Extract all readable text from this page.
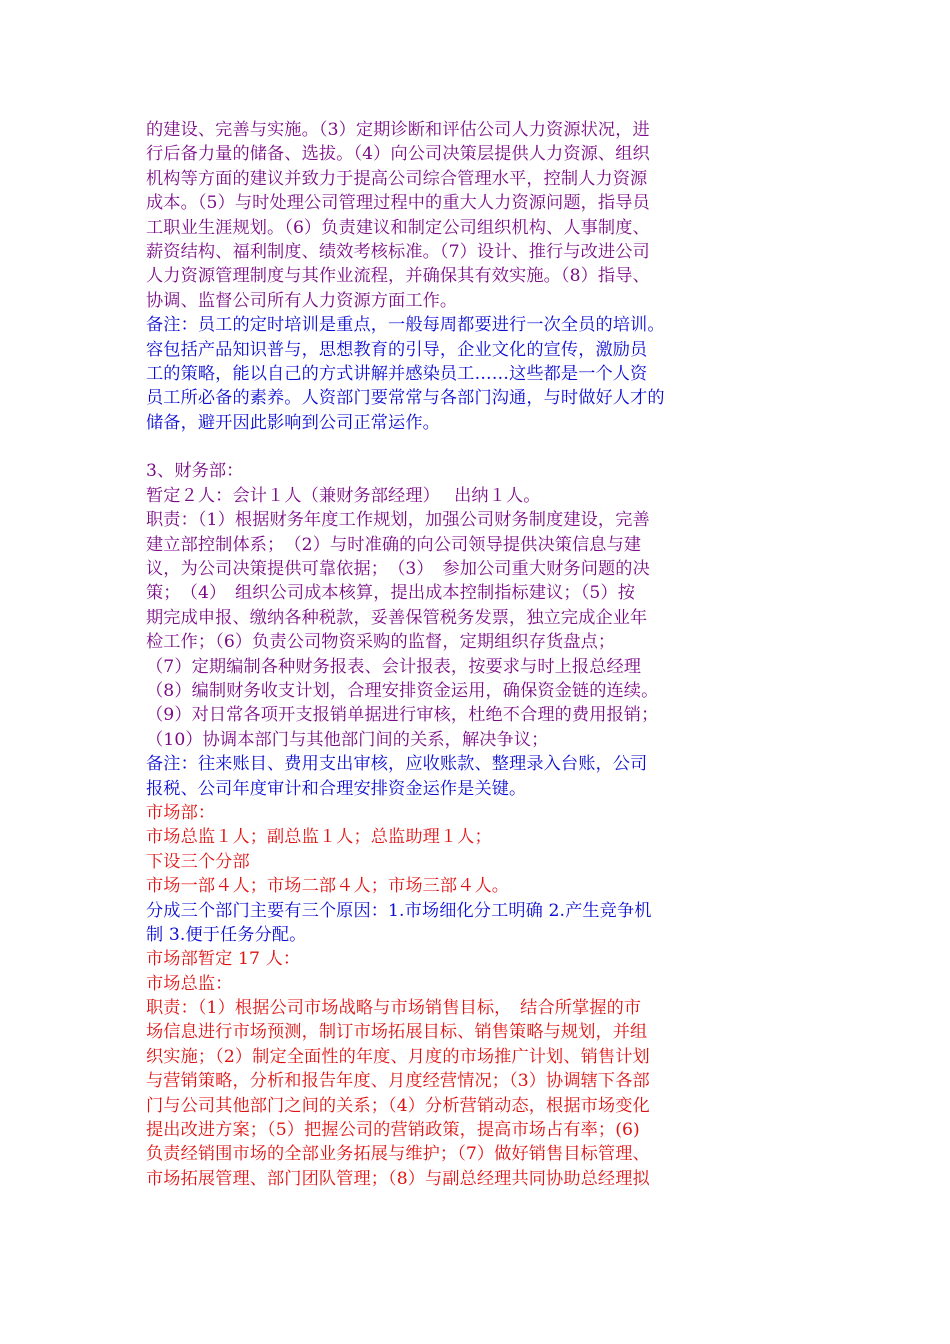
的建设、完善与实施。（3）定期诊断和评估公司人力资源状况，进
行后备力量的储备、选拔。（4）向公司决策层提供人力资源、组织
机构等方面的建议并致力于提高公司综合管理水平，控制人力资源
成本。（5）与时处理公司管理过程中的重大人力资源问题，指导员
工职业生涯规划。（6）负责建议和制定公司组织机构、人事制度、
薪资结构、福利制度、绩效考核标准。（7）设计、推行与改进公司
人力资源管理制度与其作业流程，并确保其有效实施。（8）指导、
协调、监督公司所有人力资源方面工作。
备注：员工的定时培训是重点，一般每周都要进行一次全员的培训。
容包括产品知识普与，思想教育的引导，企业文化的宣传，激励员
工的策略，能以自己的方式讲解并感染员工……这些都是一个人资
员工所必备的素养。人资部门要常常与各部门沟通，与时做好人才的
储备，避开因此影响到公司正常运作。
3、财务部：
暂定２人：会计１人（兼财务部经理）　 出纳１人。
职责：（1）根据财务年度工作规划，加强公司财务制度建设，完善
建立部控制体系；　（2）与时准确的向公司领导提供决策信息与建
议，为公司决策提供可靠依据；　（3）　参加公司重大财务问题的决
策；　（4）　组织公司成本核算，提出成本控制指标建议；（5）按
期完成申报、缴纳各种税款，妥善保管税务发票，独立完成企业年
检工作；（6）负责公司物资采购的监督，定期组织存货盘点；
（7）定期编制各种财务报表、会计报表，按要求与时上报总经理
（8）编制财务收支计划，合理安排资金运用，确保资金链的连续。
（9）对日常各项开支报销单据进行审核，杜绝不合理的费用报销；
（10）协调本部门与其他部门间的关系，解决争议；
备注：往来账目、费用支出审核，应收账款、整理录入台账，公司
报税、公司年度审计和合理安排资金运作是关键。
市场部：
市场总监１人；副总监１人；总监助理１人；
下设三个分部
市场一部４人；市场二部４人；市场三部４人。
分成三个部门主要有三个原因：1.市场细化分工明确 2.产生竞争机
制 3.便于任务分配。
市场部暂定 17 人：
市场总监：
职责：（1）根据公司市场战略与市场销售目标，　结合所掌握的市
场信息进行市场预测，制订市场拓展目标、销售策略与规划，并组
织实施；（2）制定全面性的年度、月度的市场推广计划、销售计划
与营销策略，分析和报告年度、月度经营情况；（3）协调辖下各部
门与公司其他部门之间的关系；（4）分析营销动态，根据市场变化
提出改进方案；（5）把握公司的营销政策，提高市场占有率；(6)
负责经销围市场的全部业务拓展与维护；（7）做好销售目标管理、
市场拓展管理、部门团队管理；（8）与副总经理共同协助总经理拟
